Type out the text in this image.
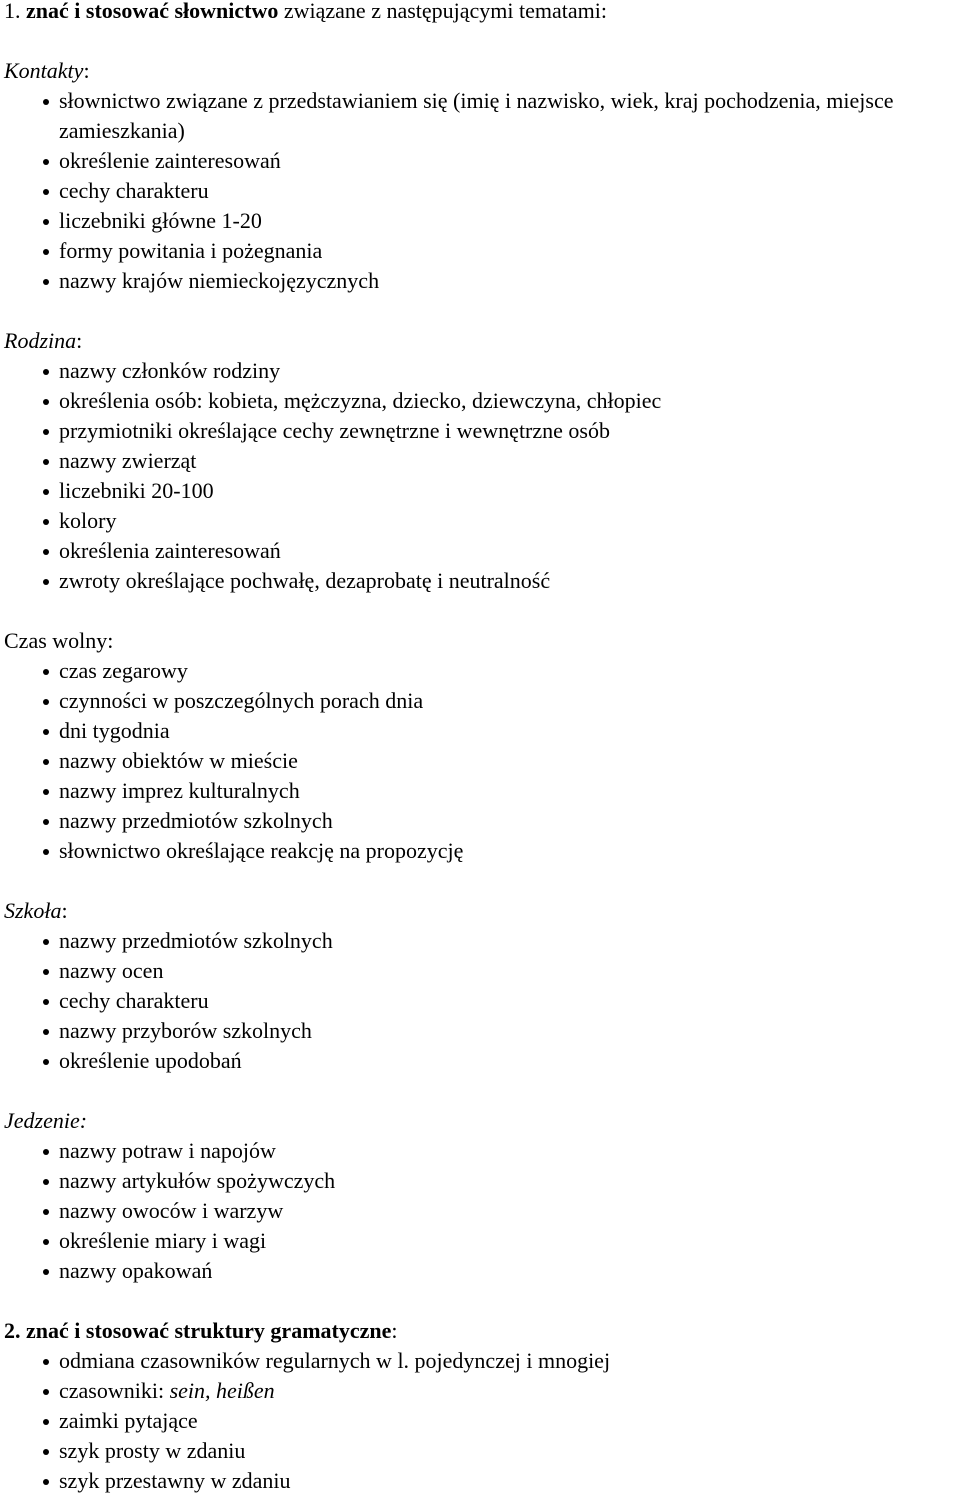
1. znać i stosować słownictwo związane z następującymi tematami:
Kontakty:
słownictwo związane z przedstawianiem się (imię i nazwisko, wiek, kraj pochodzenia, miejsce zamieszkania)
określenie zainteresowań
cechy charakteru
liczebniki główne 1-20
formy powitania i pożegnania
nazwy krajów niemieckojęzycznych
Rodzina:
nazwy członków rodziny
określenia osób: kobieta, mężczyzna, dziecko, dziewczyna, chłopiec
przymiotniki określające cechy zewnętrzne i wewnętrzne osób
nazwy zwierząt
liczebniki 20-100
kolory
określenia zainteresowań
zwroty określające pochwałę, dezaprobatę i neutralność
Czas wolny:
czas zegarowy
czynności w poszczególnych porach dnia
dni tygodnia
nazwy obiektów w mieście
nazwy imprez kulturalnych
nazwy przedmiotów szkolnych
słownictwo określające reakcję na propozycję
Szkoła:
nazwy przedmiotów szkolnych
nazwy ocen
cechy charakteru
nazwy przyborów szkolnych
określenie upodobań
Jedzenie:
nazwy potraw i napojów
nazwy artykułów spożywczych
nazwy owoców i warzyw
określenie miary i wagi
nazwy opakowań
2. znać i stosować struktury gramatyczne:
odmiana czasowników regularnych w l. pojedynczej i mnogiej
czasowniki: sein, heißen
zaimki pytające
szyk prosty w zdaniu
szyk przestawny w zdaniu
